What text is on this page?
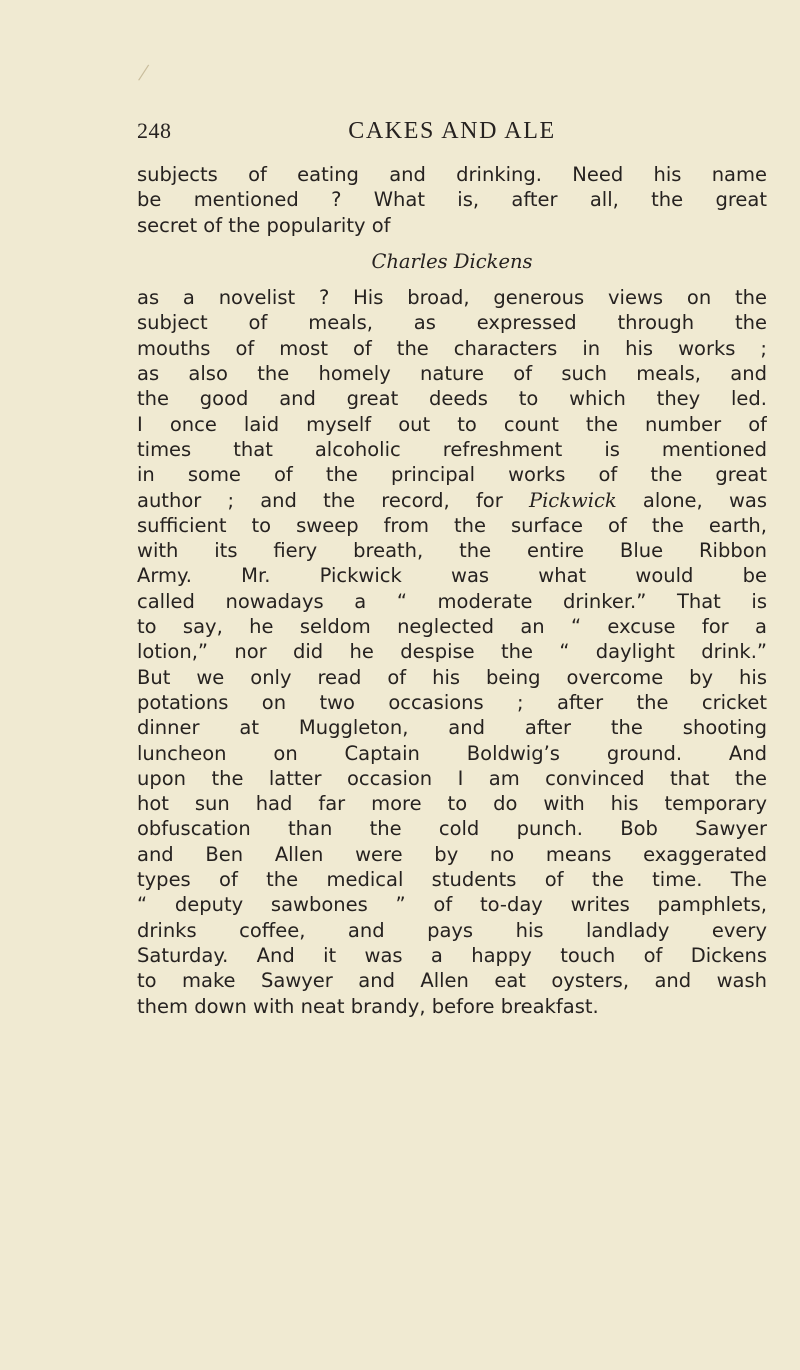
/
248	CAKES AND ALE
subjects of eating and drinking. Need his name
be mentioned ? What is, after all, the great
secret of the popularity of
Charles Dickens
as a novelist ? His broad, generous views on the
subject of meals, as expressed through the
mouths of most of the characters in his works ;
as also the homely nature of such meals, and
the good and great deeds to which they led.
I once laid myself out to count the number of
times that alcoholic refreshment is mentioned
in some of the principal works of the great
author ; and the record, for Pickwick alone, was
sufficient to sweep from the surface of the earth,
with its fiery breath, the entire Blue Ribbon
Army. Mr. Pickwick was what would be
called nowadays a “ moderate drinker.” That is
to say, he seldom neglected an “ excuse for a
lotion,” nor did he despise the “ daylight drink.”
But we only read of his being overcome by his
potations on two occasions ; after the cricket
dinner at Muggleton, and after the shooting
luncheon on Captain Boldwig’s ground. And
upon the latter occasion I am convinced that the
hot sun had far more to do with his temporary
obfuscation than the cold punch. Bob Sawyer
and Ben Allen were by no means exaggerated
types of the medical students of the time. The
“ deputy sawbones ” of to-day writes pamphlets,
drinks coffee, and pays his landlady every
Saturday. And it was a happy touch of Dickens
to make Sawyer and Allen eat oysters, and wash
them down with neat brandy, before breakfast.
